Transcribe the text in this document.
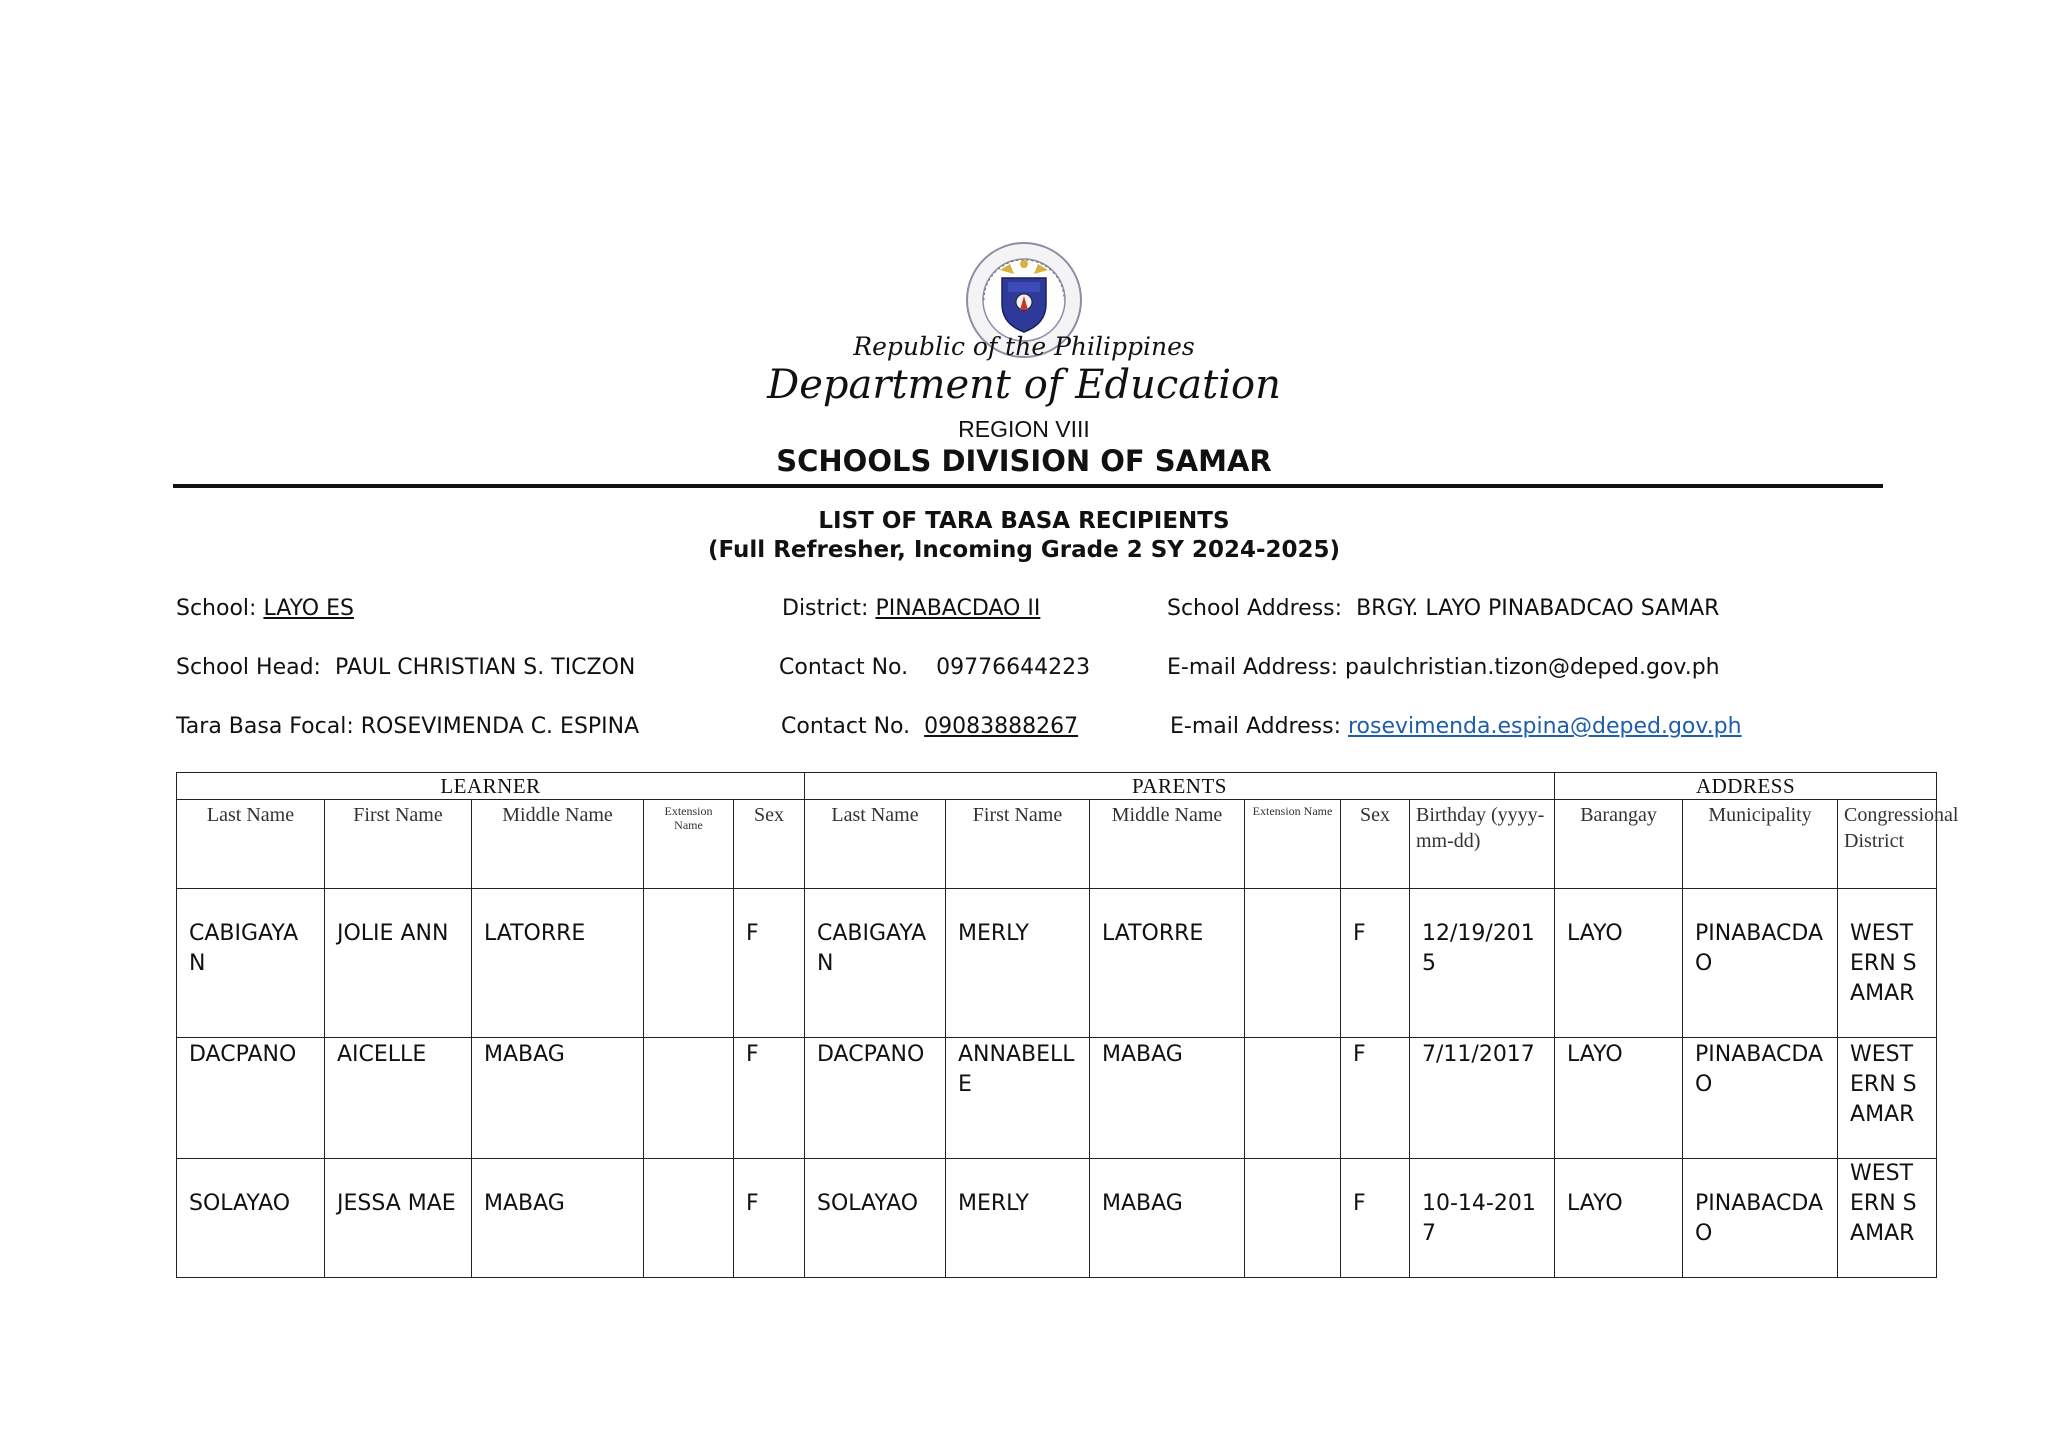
Republic of the Philippines
Department of Education
REGION VIII
SCHOOLS DIVISION OF SAMAR
LIST OF TARA BASA RECIPIENTS
(Full Refresher, Incoming Grade 2 SY 2024-2025)
School: LAYO ES	District: PINABACDAO II	School Address: BRGY. LAYO PINABADCAO SAMAR
School Head: PAUL CHRISTIAN S. TICZON	Contact No. 09776644223	E-mail Address: paulchristian.tizon@deped.gov.ph
Tara Basa Focal: ROSEVIMENDA C. ESPINA	Contact No. 09083888267	E-mail Address: rosevimenda.espina@deped.gov.ph
LEARNER					PARENTS						ADDRESS		
Last Name	First Name	Middle Name	Extension Name	Sex	Last Name	First Name	Middle Name	Extension Name	Sex	Birthday (yyyy-mm-dd)	Barangay	Municipality	Congressional District
CABIGAYAN	JOLIE ANN	LATORRE		F	CABIGAYAN	MERLY	LATORRE		F	12/19/2015	LAYO	PINABACDAO	WESTERN SAMAR
DACPANO	AICELLE	MABAG		F	DACPANO	ANNABELLE	MABAG		F	7/11/2017	LAYO	PINABACDAO	WESTERN SAMAR
SOLAYAO	JESSA MAE	MABAG		F	SOLAYAO	MERLY	MABAG		F	10-14-2017	LAYO	PINABACDAO	WESTERN SAMAR
